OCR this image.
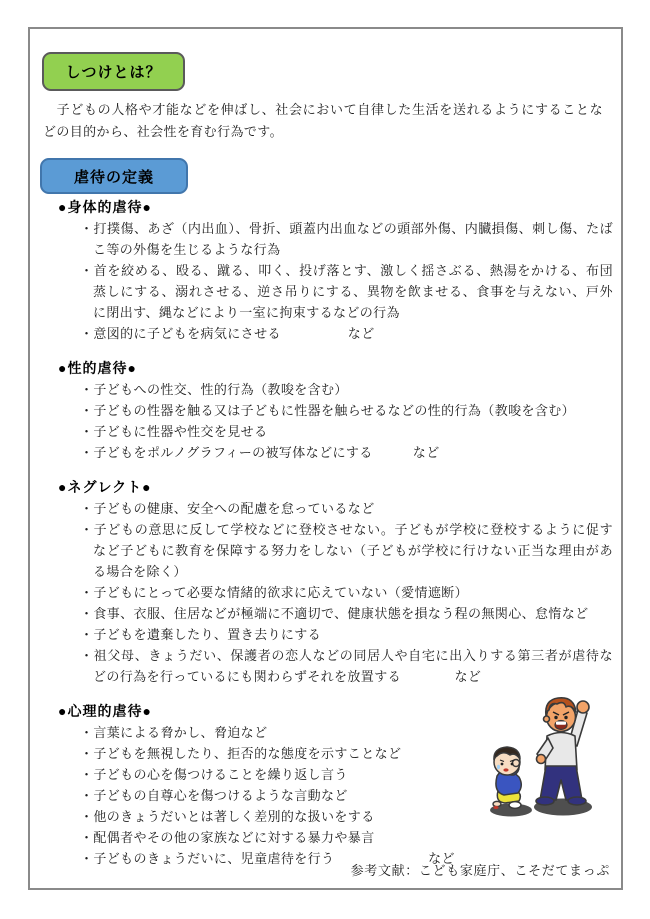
しつけとは？

　子どもの人格や才能などを伸ばし、社会において自律した生活を送れるようにすることなどの目的から、社会性を育む行為です。

虐待の定義
●身体的虐待●
・打撲傷、あざ（内出血）、骨折、頭蓋内出血などの頭部外傷、内臓損傷、刺し傷、たばこ等の外傷を生じるような行為
・首を絞める、殴る、蹴る、叩く、投げ落とす、激しく揺さぶる、熱湯をかける、布団蒸しにする、溺れさせる、逆さ吊りにする、異物を飲ませる、食事を与えない、戸外に閉出す、縄などにより一室に拘束するなどの行為
・意図的に子どもを病気にさせる　　　　　など
●性的虐待●
・子どもへの性交、性的行為（教唆を含む）
・子どもの性器を触る又は子どもに性器を触らせるなどの性的行為（教唆を含む）
・子どもに性器や性交を見せる
・子どもをポルノグラフィーの被写体などにする　　　など
●ネグレクト●
・子どもの健康、安全への配慮を怠っているなど
・子どもの意思に反して学校などに登校させない。子どもが学校に登校するように促すなど子どもに教育を保障する努力をしない（子どもが学校に行けない正当な理由がある場合を除く）
・子どもにとって必要な情緒的欲求に応えていない（愛情遮断）
・食事、衣服、住居などが極端に不適切で、健康状態を損なう程の無関心、怠惰など
・子どもを遺棄したり、置き去りにする
・祖父母、きょうだい、保護者の恋人などの同居人や自宅に出入りする第三者が虐待などの行為を行っているにも関わらずそれを放置する　　　　など
●心理的虐待●
・言葉による脅かし、脅迫など
・子どもを無視したり、拒否的な態度を示すことなど
・子どもの心を傷つけることを繰り返し言う
・子どもの自尊心を傷つけるような言動など
・他のきょうだいとは著しく差別的な扱いをする
・配偶者やその他の家族などに対する暴力や暴言
・子どものきょうだいに、児童虐待を行う　　　　　　　など
参考文献：こども家庭庁、こそだてまっぷ
